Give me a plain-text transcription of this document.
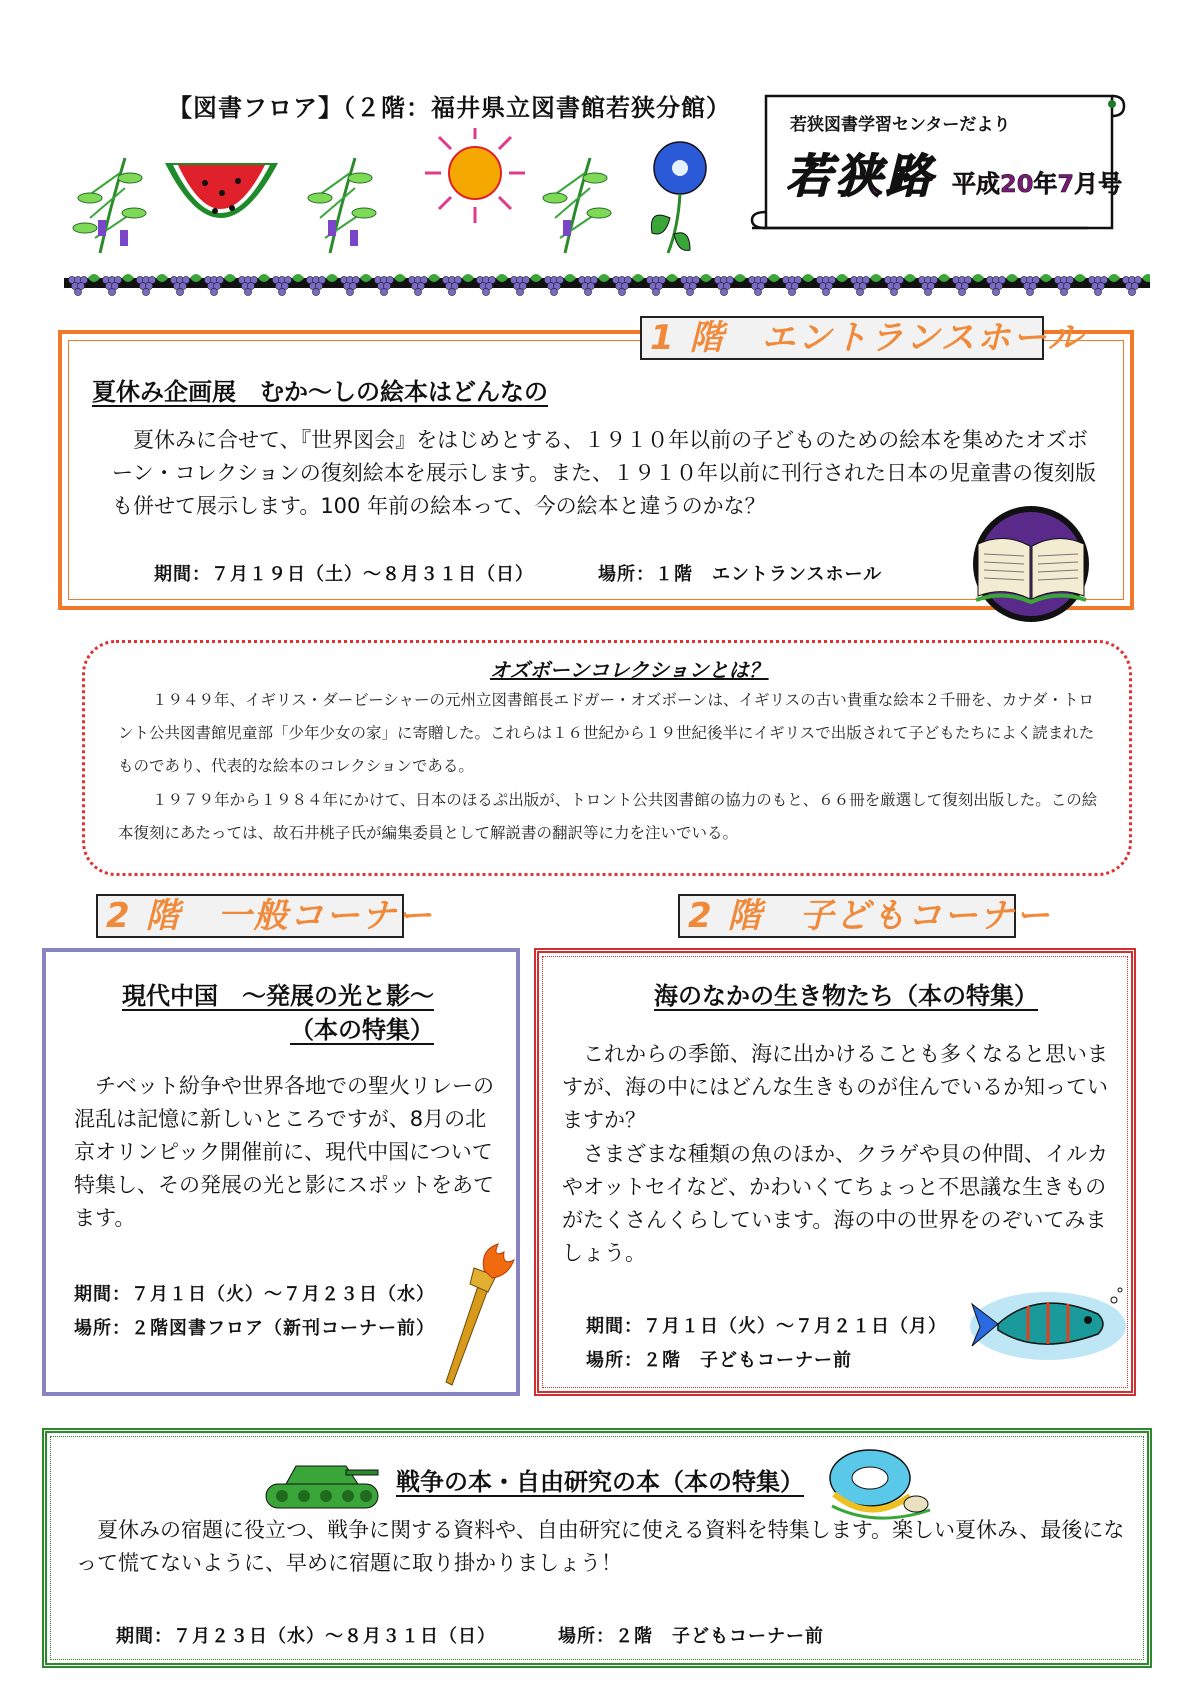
【図書フロア】（２階：福井県立図書館若狭分館）
若狭図書学習センターだより
若狭路 平成20年7月号
1 階　エントランスホール
夏休み企画展　むか～しの絵本はどんなの
夏休みに合せて、『世界図会』をはじめとする、１９１０年以前の子どものための絵本を集めたオズボーン・コレクションの復刻絵本を展示します。また、１９１０年以前に刊行された日本の児童書の復刻版も併せて展示します。100 年前の絵本って、今の絵本と違うのかな？
期間：７月１９日（土）～８月３１日（日）	場所：１階　エントランスホール
オズボーンコレクションとは？
１９４９年、イギリス・ダービーシャーの元州立図書館長エドガー・オズボーンは、イギリスの古い貴重な絵本２千冊を、カナダ・トロント公共図書館児童部「少年少女の家」に寄贈した。これらは１６世紀から１９世紀後半にイギリスで出版されて子どもたちによく読まれたものであり、代表的な絵本のコレクションである。
１９７９年から１９８４年にかけて、日本のほるぷ出版が、トロント公共図書館の協力のもと、６６冊を厳選して復刻出版した。この絵本復刻にあたっては、故石井桃子氏が編集委員として解説書の翻訳等に力を注いでいる。
2 階　一般コーナー
現代中国　～発展の光と影～
（本の特集）
チベット紛争や世界各地での聖火リレーの混乱は記憶に新しいところですが、8月の北京オリンピック開催前に、現代中国について特集し、その発展の光と影にスポットをあてます。
期間：７月１日（火）～７月２３日（水）
場所：２階図書フロア（新刊コーナー前）
2 階　子どもコーナー
海のなかの生き物たち（本の特集）
これからの季節、海に出かけることも多くなると思いますが、海の中にはどんな生きものが住んでいるか知っていますか？
さまざまな種類の魚のほか、クラゲや貝の仲間、イルカやオットセイなど、かわいくてちょっと不思議な生きものがたくさんくらしています。海の中の世界をのぞいてみましょう。
期間：７月１日（火）～７月２１日（月）
場所：２階　子どもコーナー前
戦争の本・自由研究の本（本の特集）
夏休みの宿題に役立つ、戦争に関する資料や、自由研究に使える資料を特集します。楽しい夏休み、最後になって慌てないように、早めに宿題に取り掛かりましょう！
期間：７月２３日（水）～８月３１日（日）	場所：２階　子どもコーナー前
